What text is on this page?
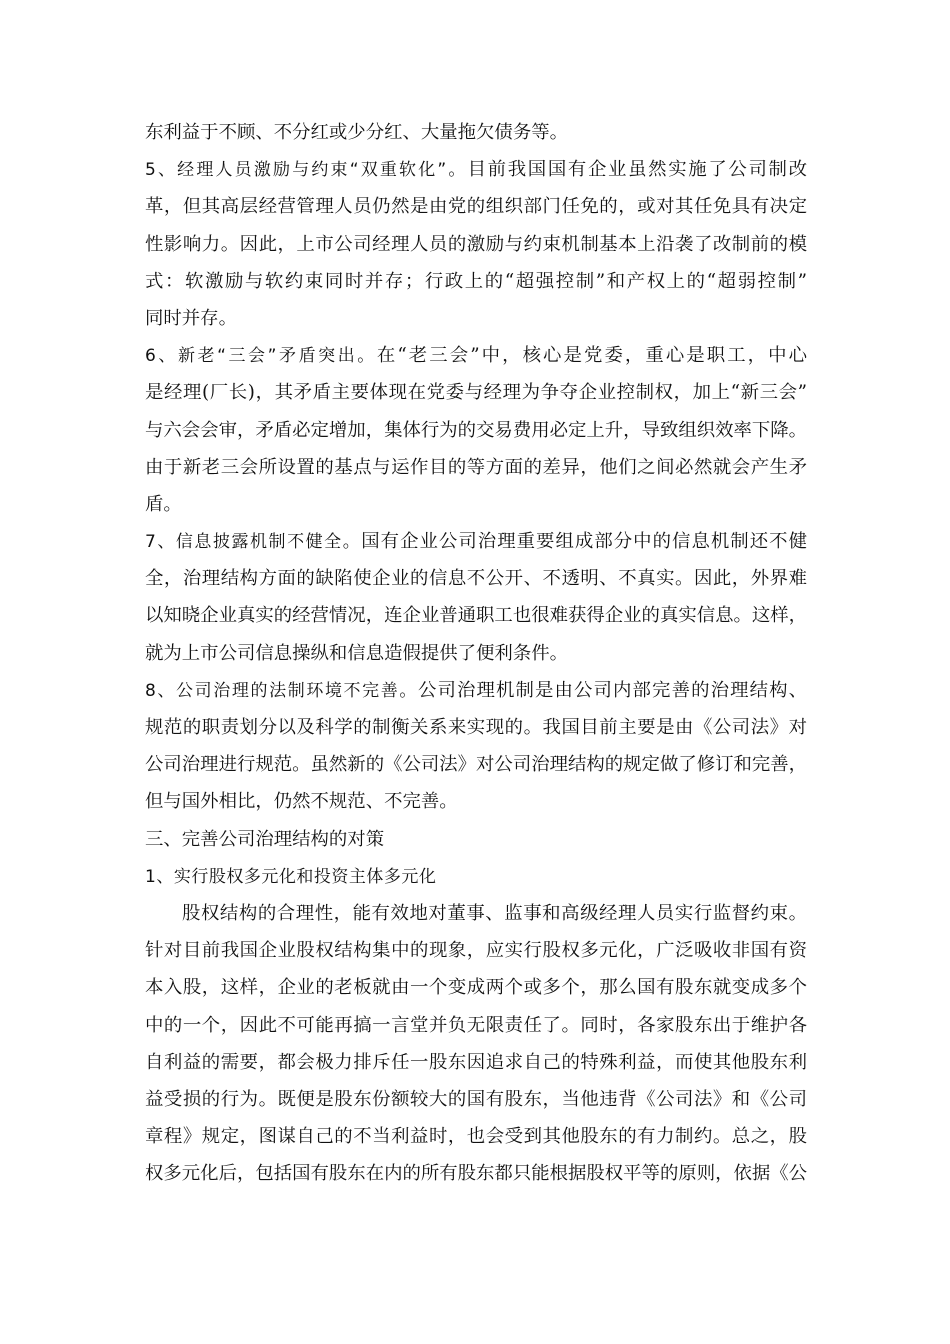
东利益于不顾、不分红或少分红、大量拖欠债务等。
5、经理人员激励与约束“双重软化”。目前我国国有企业虽然实施了公司制改
革，但其高层经营管理人员仍然是由党的组织部门任免的，或对其任免具有决定
性影响力。因此，上市公司经理人员的激励与约束机制基本上沿袭了改制前的模
式：软激励与软约束同时并存；行政上的“超强控制”和产权上的“超弱控制”
同时并存。
6、新老“三会”矛盾突出。在“老三会”中，核心是党委，重心是职工，中心
是经理(厂长)，其矛盾主要体现在党委与经理为争夺企业控制权，加上“新三会”
与六会会审，矛盾必定增加，集体行为的交易费用必定上升，导致组织效率下降。
由于新老三会所设置的基点与运作目的等方面的差异，他们之间必然就会产生矛
盾。
7、信息披露机制不健全。国有企业公司治理重要组成部分中的信息机制还不健
全，治理结构方面的缺陷使企业的信息不公开、不透明、不真实。因此，外界难
以知晓企业真实的经营情况，连企业普通职工也很难获得企业的真实信息。这样，
就为上市公司信息操纵和信息造假提供了便利条件。
8、公司治理的法制环境不完善。公司治理机制是由公司内部完善的治理结构、
规范的职责划分以及科学的制衡关系来实现的。我国目前主要是由《公司法》对
公司治理进行规范。虽然新的《公司法》对公司治理结构的规定做了修订和完善，
但与国外相比，仍然不规范、不完善。
三、完善公司治理结构的对策
1、实行股权多元化和投资主体多元化
股权结构的合理性，能有效地对董事、监事和高级经理人员实行监督约束。
针对目前我国企业股权结构集中的现象，应实行股权多元化，广泛吸收非国有资
本入股，这样，企业的老板就由一个变成两个或多个，那么国有股东就变成多个
中的一个，因此不可能再搞一言堂并负无限责任了。同时，各家股东出于维护各
自利益的需要，都会极力排斥任一股东因追求自己的特殊利益，而使其他股东利
益受损的行为。既便是股东份额较大的国有股东，当他违背《公司法》和《公司
章程》规定，图谋自己的不当利益时，也会受到其他股东的有力制约。总之，股
权多元化后，包括国有股东在内的所有股东都只能根据股权平等的原则，依据《公
